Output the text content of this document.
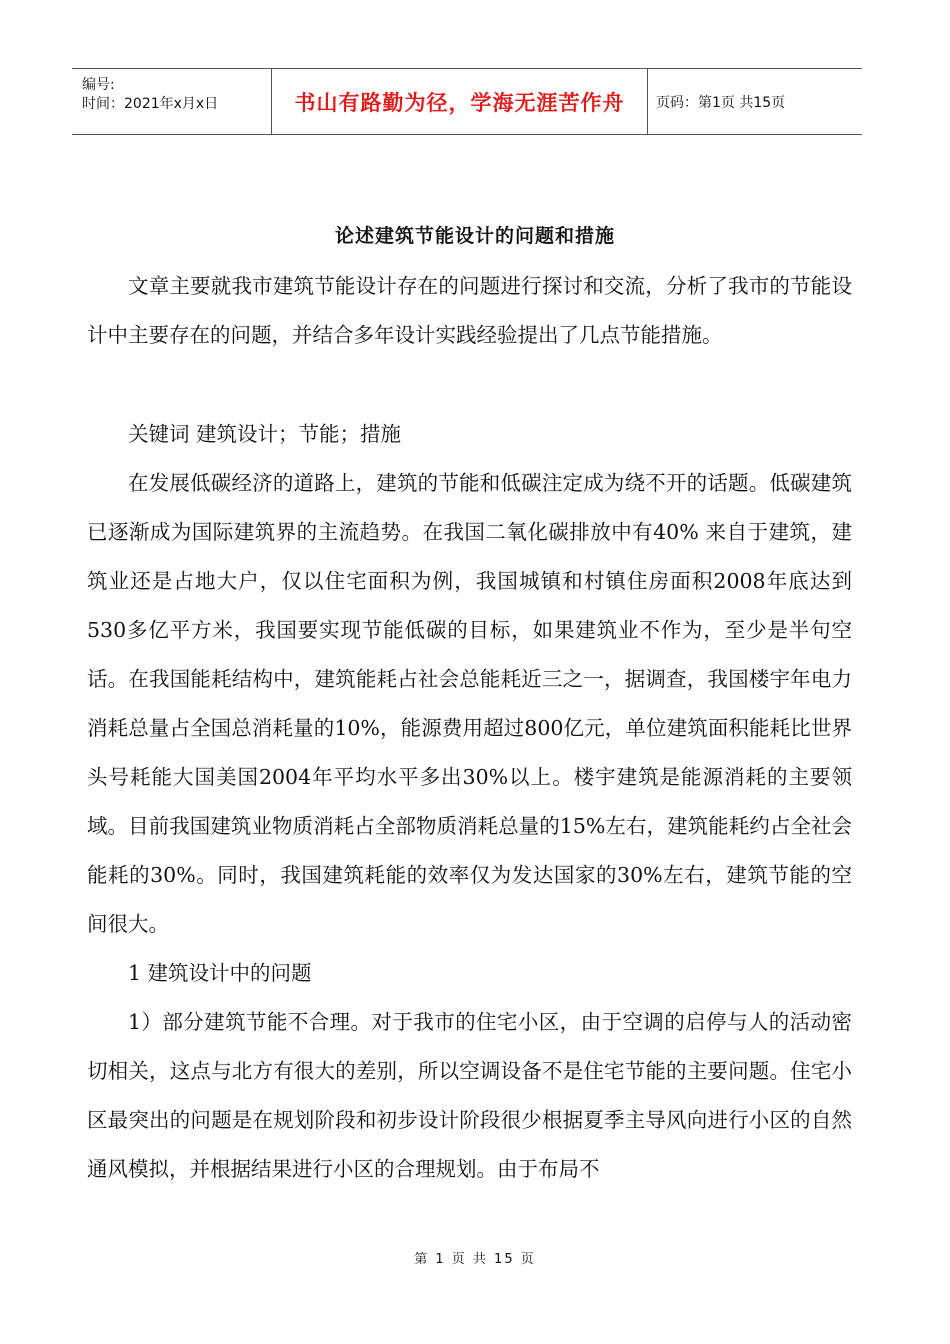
编号:
时间：2021年x月x日	书山有路勤为径，学海无涯苦作舟	页码：第1页 共15页
论述建筑节能设计的问题和措施

文章主要就我市建筑节能设计存在的问题进行探讨和交流，分析了我市的节能设计中主要存在的问题，并结合多年设计实践经验提出了几点节能措施。

关键词 建筑设计；节能；措施

在发展低碳经济的道路上，建筑的节能和低碳注定成为绕不开的话题。低碳建筑已逐渐成为国际建筑界的主流趋势。在我国二氧化碳排放中有40% 来自于建筑，建筑业还是占地大户，仅以住宅面积为例，我国城镇和村镇住房面积2008年底达到530多亿平方米，我国要实现节能低碳的目标，如果建筑业不作为，至少是半句空话。在我国能耗结构中，建筑能耗占社会总能耗近三之一，据调查，我国楼宇年电力消耗总量占全国总消耗量的10%，能源费用超过800亿元，单位建筑面积能耗比世界头号耗能大国美国2004年平均水平多出30%以上。楼宇建筑是能源消耗的主要领域。目前我国建筑业物质消耗占全部物质消耗总量的15%左右，建筑能耗约占全社会能耗的30%。同时，我国建筑耗能的效率仅为发达国家的30%左右，建筑节能的空间很大。

1 建筑设计中的问题

1）部分建筑节能不合理。对于我市的住宅小区，由于空调的启停与人的活动密切相关，这点与北方有很大的差别，所以空调设备不是住宅节能的主要问题。住宅小区最突出的问题是在规划阶段和初步设计阶段很少根据夏季主导风向进行小区的自然通风模拟，并根据结果进行小区的合理规划。由于布局不

第 1 页 共 15 页
